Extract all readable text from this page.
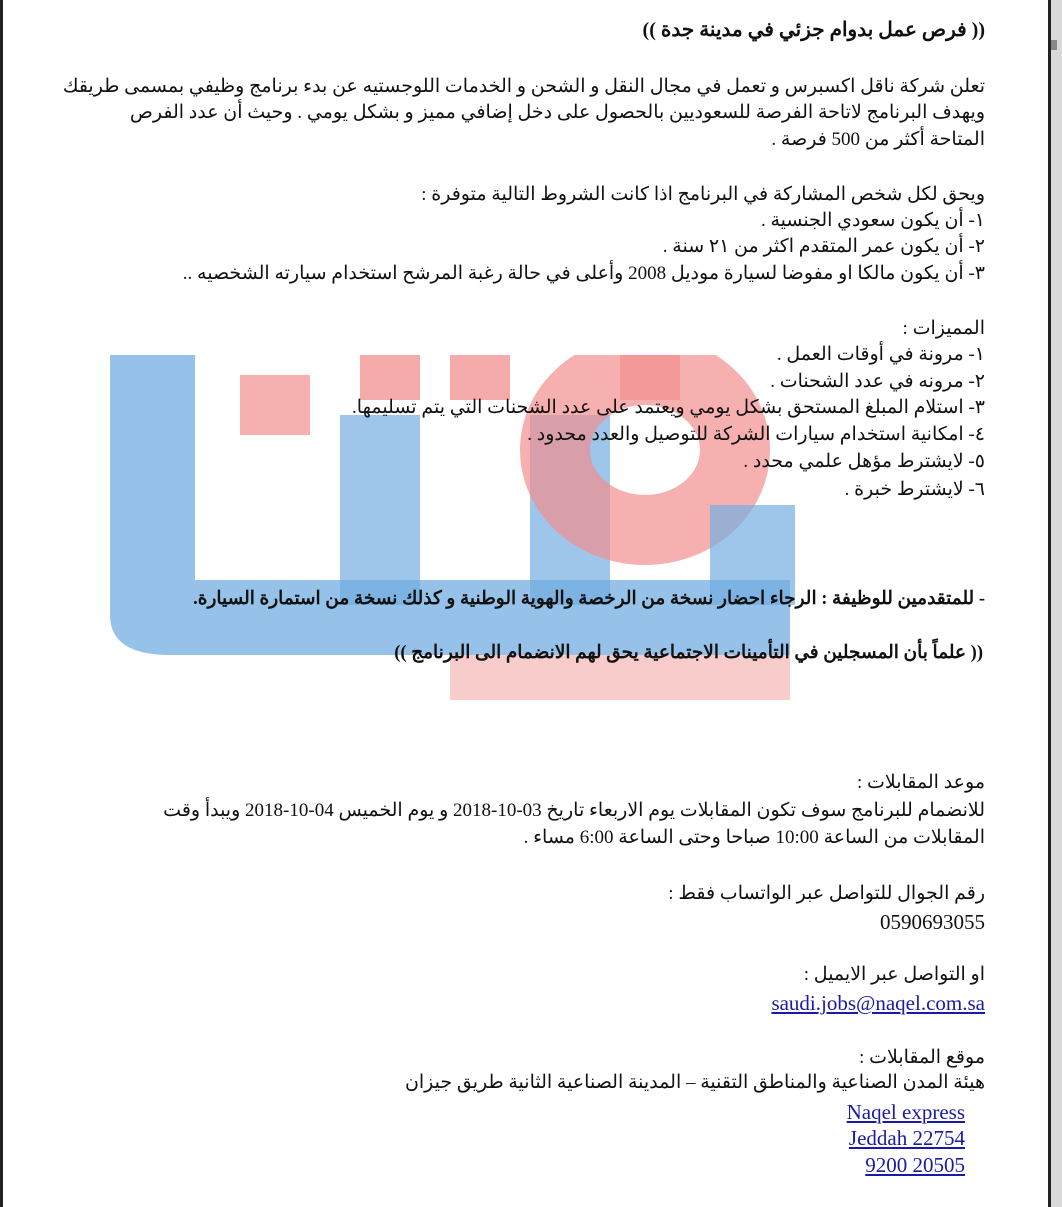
(( فرص عمل بدوام جزئي في مدينة جدة ))
تعلن شركة ناقل اكسبرس و تعمل في مجال النقل و الشحن و الخدمات اللوجستيه عن بدء برنامج وظيفي بمسمى طريقك
ويهدف البرنامج لاتاحة الفرصة للسعوديين بالحصول على دخل إضافي مميز و بشكل يومي . وحيث أن عدد الفرص
المتاحة أكثر من 500 فرصة .
ويحق لكل شخص المشاركة في البرنامج اذا كانت الشروط التالية متوفرة :
١- أن يكون سعودي الجنسية .
٢- أن يكون عمر المتقدم اكثر من ٢١ سنة .
٣- أن يكون مالكا او مفوضا لسيارة موديل 2008 وأعلى في حالة رغبة المرشح استخدام سيارته الشخصيه ..
المميزات :
١- مرونة في أوقات العمل .
٢- مرونه في عدد الشحنات .
٣- استلام المبلغ المستحق بشكل يومي ويعتمد على عدد الشحنات التي يتم تسليمها.
٤- امكانية استخدام سيارات الشركة للتوصيل والعدد محدود .
٥- لايشترط مؤهل علمي محدد .
٦- لايشترط خبرة .
- للمتقدمين للوظيفة : الرجاء احضار نسخة من الرخصة والهوية الوطنية و كذلك نسخة من استمارة السيارة.
(( علماً بأن المسجلين في التأمينات الاجتماعية يحق لهم الانضمام الى البرنامج ))
موعد المقابلات :
للانضمام للبرنامج سوف تكون المقابلات يوم الاربعاء تاريخ 03-10-2018 و يوم الخميس 04-10-2018 ويبدأ وقت
المقابلات من الساعة 10:00 صباحا وحتى الساعة 6:00 مساء .
رقم الجوال للتواصل عبر الواتساب فقط :
0590693055
او التواصل عبر الايميل :
saudi.jobs@naqel.com.sa
موقع المقابلات :
هيئة المدن الصناعية والمناطق التقنية – المدينة الصناعية الثانية طريق جيزان
Naqel express
Jeddah 22754
9200 20505
